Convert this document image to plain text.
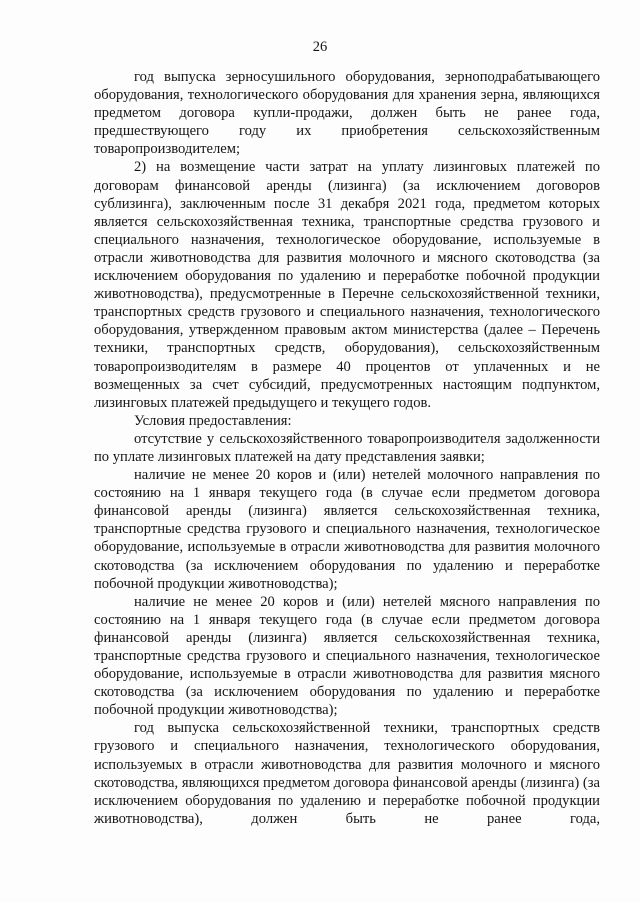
26

год выпуска зерносушильного оборудования, зерноподрабатывающего оборудования, технологического оборудования для хранения зерна, являющихся предметом договора купли-продажи, должен быть не ранее года, предшествующего году их приобретения сельскохозяйственным товаропроизводителем;

2) на возмещение части затрат на уплату лизинговых платежей по договорам финансовой аренды (лизинга) (за исключением договоров сублизинга), заключенным после 31 декабря 2021 года, предметом которых является сельскохозяйственная техника, транспортные средства грузового и специального назначения, технологическое оборудование, используемые в отрасли животноводства для развития молочного и мясного скотоводства (за исключением оборудования по удалению и переработке побочной продукции животноводства), предусмотренные в Перечне сельскохозяйственной техники, транспортных средств грузового и специального назначения, технологического оборудования, утвержденном правовым актом министерства (далее – Перечень техники, транспортных средств, оборудования), сельскохозяйственным товаропроизводителям в размере 40 процентов от уплаченных и не возмещенных за счет субсидий, предусмотренных настоящим подпунктом, лизинговых платежей предыдущего и текущего годов.

Условия предоставления:

отсутствие у сельскохозяйственного товаропроизводителя задолженности по уплате лизинговых платежей на дату представления заявки;

наличие не менее 20 коров и (или) нетелей молочного направления по состоянию на 1 января текущего года (в случае если предметом договора финансовой аренды (лизинга) является сельскохозяйственная техника, транспортные средства грузового и специального назначения, технологическое оборудование, используемые в отрасли животноводства для развития молочного скотоводства (за исключением оборудования по удалению и переработке побочной продукции животноводства);

наличие не менее 20 коров и (или) нетелей мясного направления по состоянию на 1 января текущего года (в случае если предметом договора финансовой аренды (лизинга) является сельскохозяйственная техника, транспортные средства грузового и специального назначения, технологическое оборудование, используемые в отрасли животноводства для развития мясного скотоводства (за исключением оборудования по удалению и переработке побочной продукции животноводства);

год выпуска сельскохозяйственной техники, транспортных средств грузового и специального назначения, технологического оборудования, используемых в отрасли животноводства для развития молочного и мясного скотоводства, являющихся предметом договора финансовой аренды (лизинга) (за исключением оборудования по удалению и переработке побочной продукции животноводства), должен быть не ранее года,
